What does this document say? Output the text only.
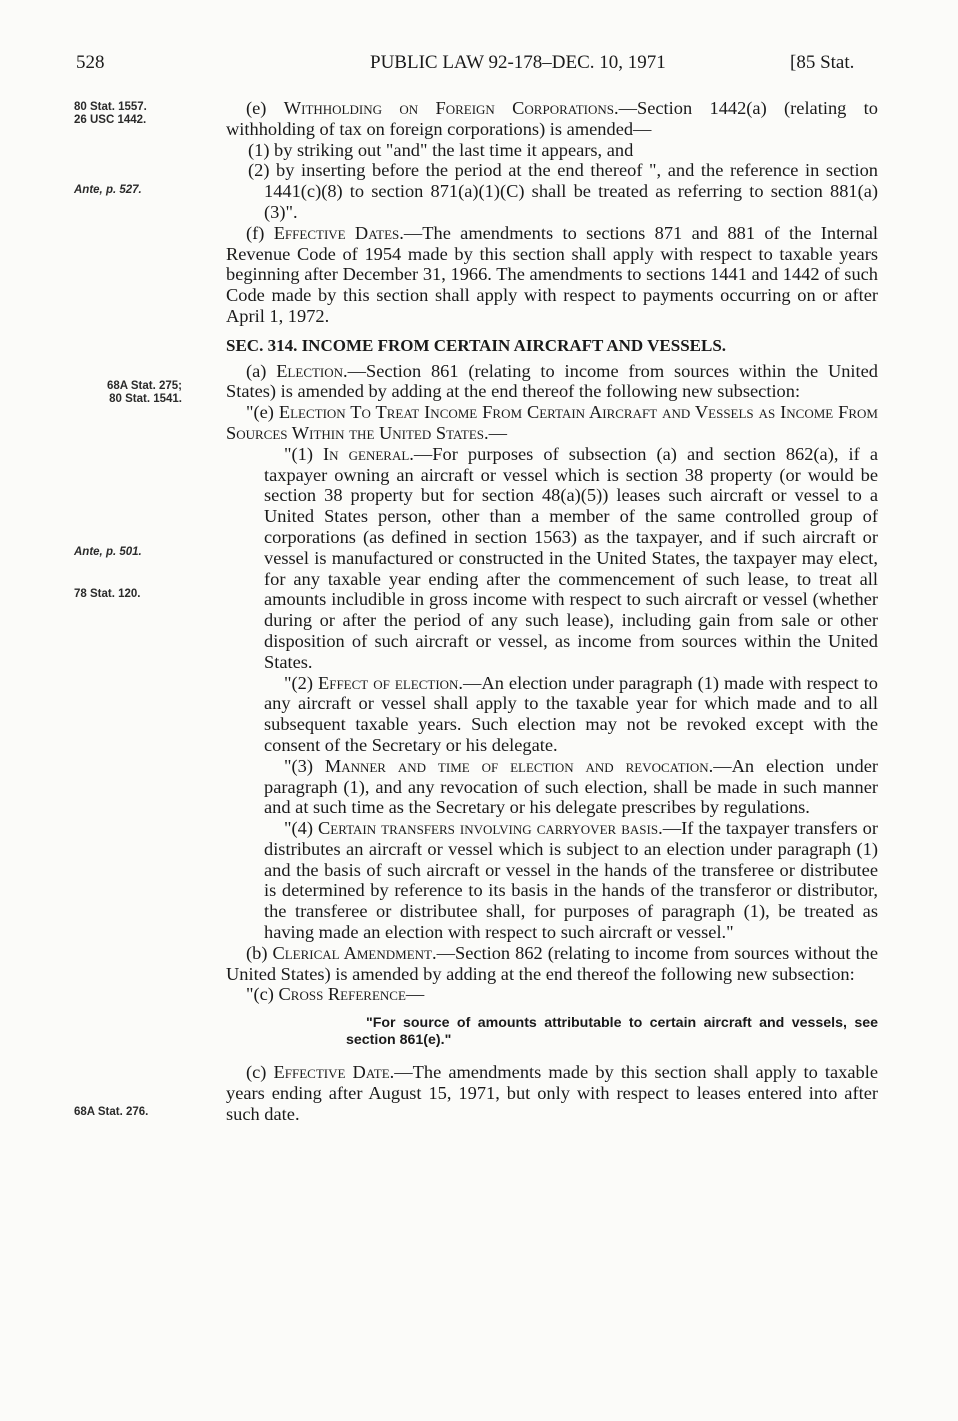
528	PUBLIC LAW 92-178–DEC. 10, 1971	[85 Stat.
80 Stat. 1557.
26 USC 1442.
Ante, p. 527.
68A Stat. 275;
80 Stat. 1541.
Ante, p. 501.
78 Stat. 120.
68A Stat. 276.

(e) Withholding on Foreign Corporations.—Section 1442(a) (relating to withholding of tax on foreign corporations) is amended—

(1) by striking out "and" the last time it appears, and

(2) by inserting before the period at the end thereof ", and the reference in section 1441(c)(8) to section 871(a)(1)(C) shall be treated as referring to section 881(a)(3)".

(f) Effective Dates.—The amendments to sections 871 and 881 of the Internal Revenue Code of 1954 made by this section shall apply with respect to taxable years beginning after December 31, 1966. The amendments to sections 1441 and 1442 of such Code made by this section shall apply with respect to payments occurring on or after April 1, 1972.

SEC. 314. INCOME FROM CERTAIN AIRCRAFT AND VESSELS.

(a) Election.—Section 861 (relating to income from sources within the United States) is amended by adding at the end thereof the following new subsection:

"(e) Election To Treat Income From Certain Aircraft and Vessels as Income From Sources Within the United States.—

"(1) In general.—For purposes of subsection (a) and section 862(a), if a taxpayer owning an aircraft or vessel which is section 38 property (or would be section 38 property but for section 48(a)(5)) leases such aircraft or vessel to a United States person, other than a member of the same controlled group of corporations (as defined in section 1563) as the taxpayer, and if such aircraft or vessel is manufactured or constructed in the United States, the taxpayer may elect, for any taxable year ending after the commencement of such lease, to treat all amounts includible in gross income with respect to such aircraft or vessel (whether during or after the period of any such lease), including gain from sale or other disposition of such aircraft or vessel, as income from sources within the United States.

"(2) Effect of election.—An election under paragraph (1) made with respect to any aircraft or vessel shall apply to the taxable year for which made and to all subsequent taxable years. Such election may not be revoked except with the consent of the Secretary or his delegate.

"(3) Manner and time of election and revocation.—An election under paragraph (1), and any revocation of such election, shall be made in such manner and at such time as the Secretary or his delegate prescribes by regulations.

"(4) Certain transfers involving carryover basis.—If the taxpayer transfers or distributes an aircraft or vessel which is subject to an election under paragraph (1) and the basis of such aircraft or vessel in the hands of the transferee or distributee is determined by reference to its basis in the hands of the transferor or distributor, the transferee or distributee shall, for purposes of paragraph (1), be treated as having made an election with respect to such aircraft or vessel."

(b) Clerical Amendment.—Section 862 (relating to income from sources without the United States) is amended by adding at the end thereof the following new subsection:

"(c) Cross Reference—

"For source of amounts attributable to certain aircraft and vessels, see section 861(e)."

(c) Effective Date.—The amendments made by this section shall apply to taxable years ending after August 15, 1971, but only with respect to leases entered into after such date.
